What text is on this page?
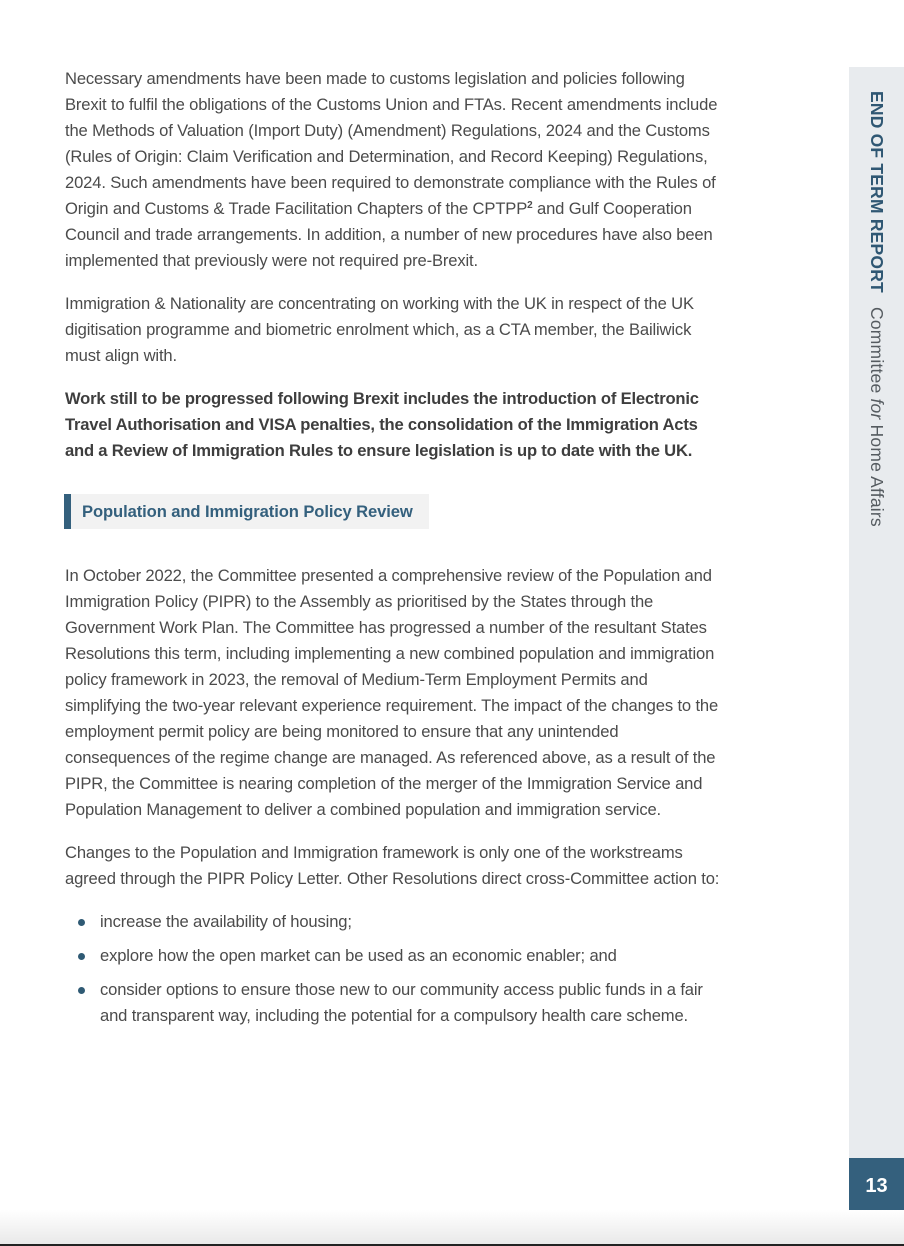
Necessary amendments have been made to customs legislation and policies following Brexit to fulfil the obligations of the Customs Union and FTAs. Recent amendments include the Methods of Valuation (Import Duty) (Amendment) Regulations, 2024 and the Customs (Rules of Origin: Claim Verification and Determination, and Record Keeping) Regulations, 2024. Such amendments have been required to demonstrate compliance with the Rules of Origin and Customs & Trade Facilitation Chapters of the CPTPP$^2$ and Gulf Cooperation Council and trade arrangements. In addition, a number of new procedures have also been implemented that previously were not required pre-Brexit.

Immigration & Nationality are concentrating on working with the UK in respect of the UK digitisation programme and biometric enrolment which, as a CTA member, the Bailiwick must align with.

Work still to be progressed following Brexit includes the introduction of Electronic Travel Authorisation and VISA penalties, the consolidation of the Immigration Acts and a Review of Immigration Rules to ensure legislation is up to date with the UK.

Population and Immigration Policy Review

In October 2022, the Committee presented a comprehensive review of the Population and Immigration Policy (PIPR) to the Assembly as prioritised by the States through the Government Work Plan. The Committee has progressed a number of the resultant States Resolutions this term, including implementing a new combined population and immigration policy framework in 2023, the removal of Medium-Term Employment Permits and simplifying the two-year relevant experience requirement. The impact of the changes to the employment permit policy are being monitored to ensure that any unintended consequences of the regime change are managed. As referenced above, as a result of the PIPR, the Committee is nearing completion of the merger of the Immigration Service and Population Management to deliver a combined population and immigration service.

Changes to the Population and Immigration framework is only one of the workstreams agreed through the PIPR Policy Letter. Other Resolutions direct cross-Committee action to:

increase the availability of housing;
explore how the open market can be used as an economic enabler; and
consider options to ensure those new to our community access public funds in a fair and transparent way, including the potential for a compulsory health care scheme.
END OF TERM REPORT Committee for Home Affairs
13
